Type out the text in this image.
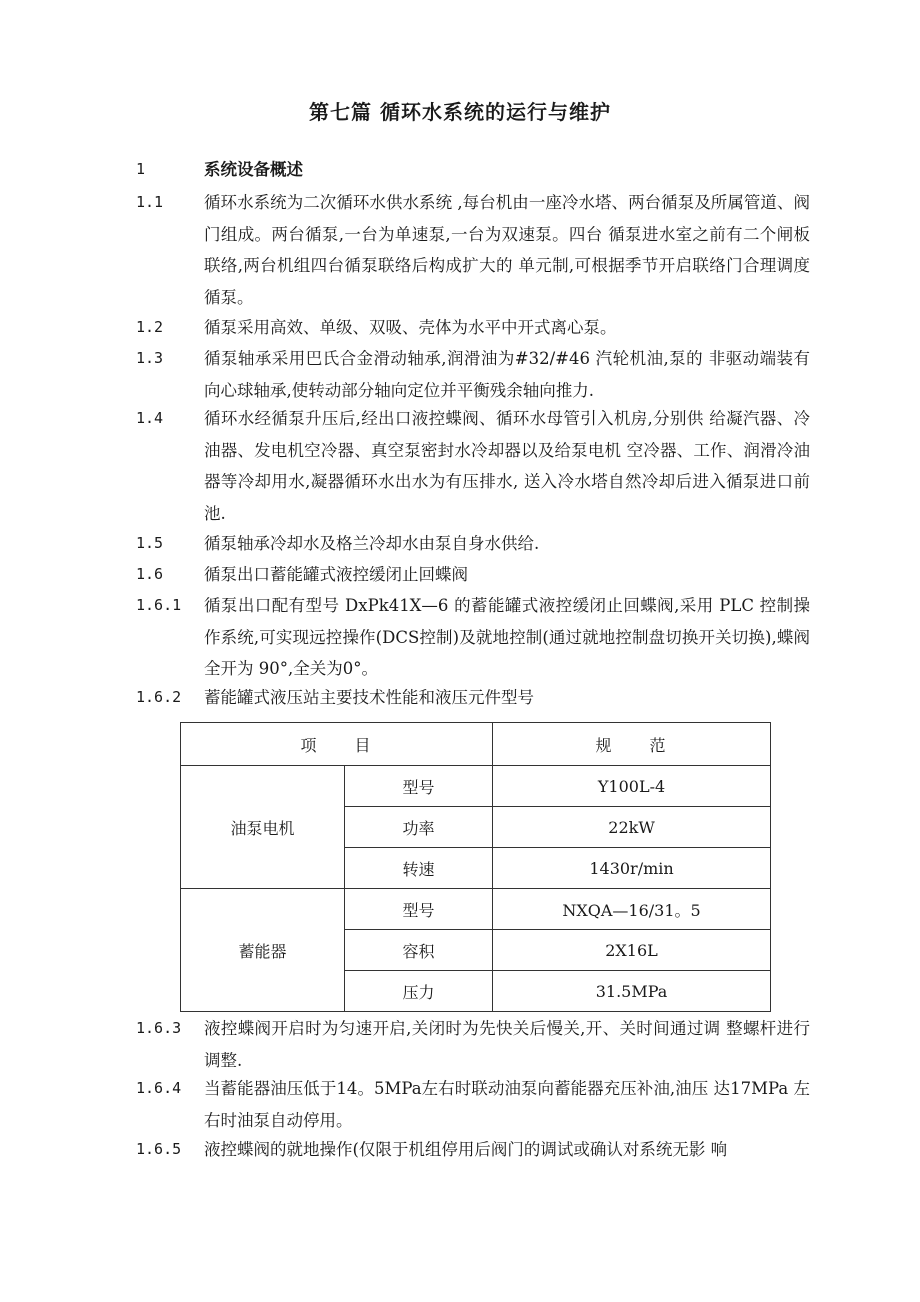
第七篇 循环水系统的运行与维护
1	系统设备概述
1.1 循环水系统为二次循环水供水系统 ,每台机由一座冷水塔、两台循泵及所属管道、阀门组成。两台循泵,一台为单速泵,一台为双速泵。四台 循泵进水室之前有二个闸板联络,两台机组四台循泵联络后构成扩大的 单元制,可根据季节开启联络门合理调度循泵。
1.2 循泵采用高效、单级、双吸、壳体为水平中开式离心泵。
1.3 循泵轴承采用巴氏合金滑动轴承,润滑油为#32/#46 汽轮机油,泵的 非驱动端装有向心球轴承,使转动部分轴向定位并平衡残余轴向推力.
1.4 循环水经循泵升压后,经出口液控蝶阀、循环水母管引入机房,分别供 给凝汽器、冷油器、发电机空冷器、真空泵密封水冷却器以及给泵电机 空冷器、工作、润滑冷油器等冷却用水,凝器循环水出水为有压排水, 送入冷水塔自然冷却后进入循泵进口前池.
1.5 循泵轴承冷却水及格兰冷却水由泵自身水供给.
1.6 循泵出口蓄能罐式液控缓闭止回蝶阀
1.6.1 循泵出口配有型号 DxPk41X—6 的蓄能罐式液控缓闭止回蝶阀,采用 PLC 控制操作系统,可实现远控操作(DCS控制)及就地控制(通过就地控制盘切换开关切换),蝶阀全开为 90°,全关为0°。
1.6.2 蓄能罐式液压站主要技术性能和液压元件型号
项　　目		规　　范
油泵电机	型号	Y100L-4
	功率	22kW
	转速	1430r/min
蓄能器	型号	NXQA—16/31。5
	容积	2X16L
	压力	31.5MPa
1.6.3 液控蝶阀开启时为匀速开启,关闭时为先快关后慢关,开、关时间通过调 整螺杆进行调整.
1.6.4 当蓄能器油压低于14。5MPa左右时联动油泵向蓄能器充压补油,油压 达17MPa 左右时油泵自动停用。
1.6.5 液控蝶阀的就地操作(仅限于机组停用后阀门的调试或确认对系统无影 响
